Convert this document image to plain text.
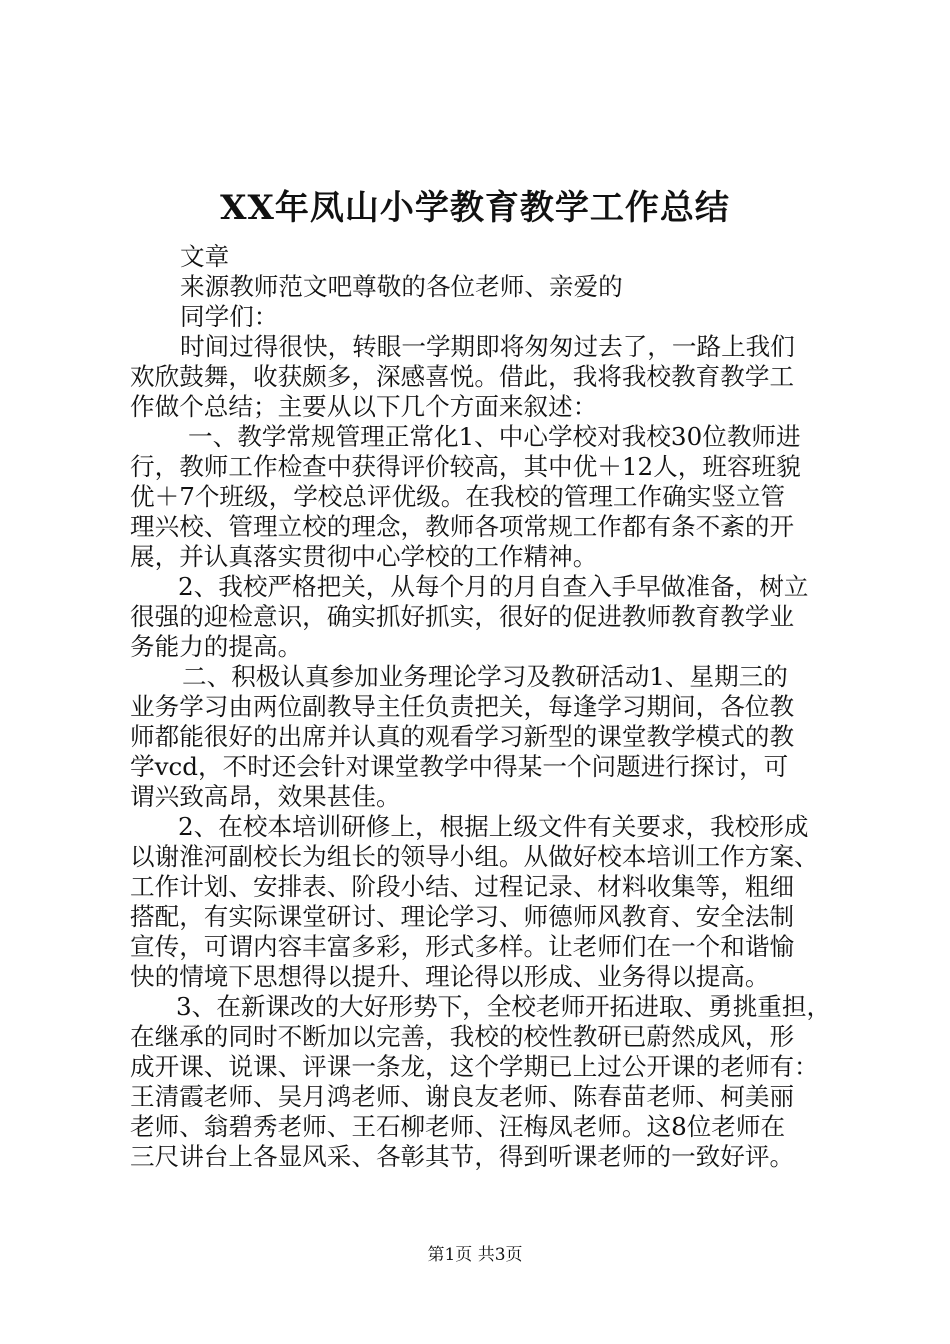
XX年凤山小学教育教学工作总结
文章
来源教师范文吧尊敬的各位老师、亲爱的
同学们：
时间过得很快，转眼一学期即将匆匆过去了，一路上我们
欢欣鼓舞，收获颇多，深感喜悦。借此，我将我校教育教学工
作做个总结；主要从以下几个方面来叙述：
一、教学常规管理正常化1、中心学校对我校30位教师进
行，教师工作检查中获得评价较高，其中优＋12人，班容班貌
优＋7个班级，学校总评优级。在我校的管理工作确实竖立管
理兴校、管理立校的理念，教师各项常规工作都有条不紊的开
展，并认真落实贯彻中心学校的工作精神。
2、我校严格把关，从每个月的月自查入手早做准备，树立
很强的迎检意识，确实抓好抓实，很好的促进教师教育教学业
务能力的提高。
二、积极认真参加业务理论学习及教研活动1、星期三的
业务学习由两位副教导主任负责把关，每逢学习期间，各位教
师都能很好的出席并认真的观看学习新型的课堂教学模式的教
学vcd，不时还会针对课堂教学中得某一个问题进行探讨，可
谓兴致高昂，效果甚佳。
2、在校本培训研修上，根据上级文件有关要求，我校形成
以谢淮河副校长为组长的领导小组。从做好校本培训工作方案、
工作计划、安排表、阶段小结、过程记录、材料收集等，粗细
搭配，有实际课堂研讨、理论学习、师德师风教育、安全法制
宣传，可谓内容丰富多彩，形式多样。让老师们在一个和谐愉
快的情境下思想得以提升、理论得以形成、业务得以提高。
3、在新课改的大好形势下，全校老师开拓进取、勇挑重担，
在继承的同时不断加以完善，我校的校性教研已蔚然成风，形
成开课、说课、评课一条龙，这个学期已上过公开课的老师有：
王清霞老师、吴月鸿老师、谢良友老师、陈春苗老师、柯美丽
老师、翁碧秀老师、王石柳老师、汪梅凤老师。这8位老师在
三尺讲台上各显风采、各彰其节，得到听课老师的一致好评。
第1页 共3页
